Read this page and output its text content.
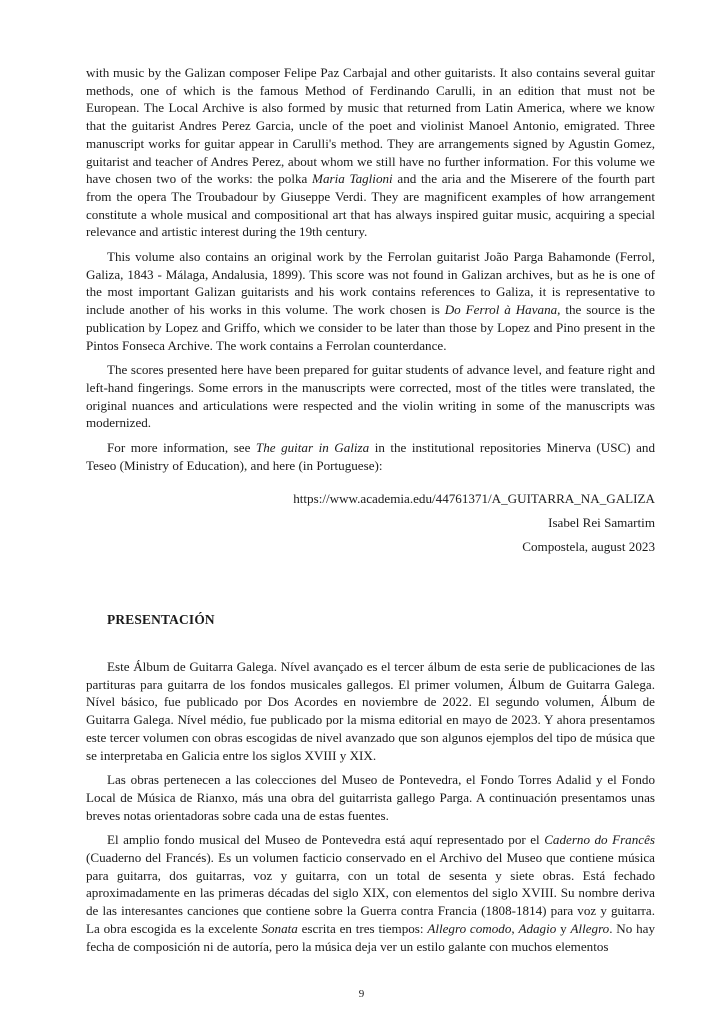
with music by the Galizan composer Felipe Paz Carbajal and other guitarists. It also contains several guitar methods, one of which is the famous Method of Ferdinando Carulli, in an edition that must not be European. The Local Archive is also formed by music that returned from Latin America, where we know that the guitarist Andres Perez Garcia, uncle of the poet and violinist Manoel Antonio, emigrated. Three manuscript works for guitar appear in Carulli's method. They are arrangements signed by Agustin Gomez, guitarist and teacher of Andres Perez, about whom we still have no further information. For this volume we have chosen two of the works: the polka Maria Taglioni and the aria and the Miserere of the fourth part from the opera The Troubadour by Giuseppe Verdi. They are magnificent examples of how arrangement constitute a whole musical and compositional art that has always inspired guitar music, acquiring a special relevance and artistic interest during the 19th century.

This volume also contains an original work by the Ferrolan guitarist João Parga Bahamonde (Ferrol, Galiza, 1843 - Málaga, Andalusia, 1899). This score was not found in Galizan archives, but as he is one of the most important Galizan guitarists and his work contains references to Galiza, it is representative to include another of his works in this volume. The work chosen is Do Ferrol à Havana, the source is the publication by Lopez and Griffo, which we consider to be later than those by Lopez and Pino present in the Pintos Fonseca Archive. The work contains a Ferrolan counterdance.

The scores presented here have been prepared for guitar students of advance level, and feature right and left-hand fingerings. Some errors in the manuscripts were corrected, most of the titles were translated, the original nuances and articulations were respected and the violin writing in some of the manuscripts was modernized.

For more information, see The guitar in Galiza in the institutional repositories Minerva (USC) and Teseo (Ministry of Education), and here (in Portuguese):

https://www.academia.edu/44761371/A_GUITARRA_NA_GALIZA
Isabel Rei Samartim
Compostela, august 2023
PRESENTACIÓN

Este Álbum de Guitarra Galega. Nível avançado es el tercer álbum de esta serie de publicaciones de las partituras para guitarra de los fondos musicales gallegos. El primer volumen, Álbum de Guitarra Galega. Nível básico, fue publicado por Dos Acordes en noviembre de 2022. El segundo volumen, Álbum de Guitarra Galega. Nível médio, fue publicado por la misma editorial en mayo de 2023. Y ahora presentamos este tercer volumen con obras escogidas de nivel avanzado que son algunos ejemplos del tipo de música que se interpretaba en Galicia entre los siglos XVIII y XIX.

Las obras pertenecen a las colecciones del Museo de Pontevedra, el Fondo Torres Adalid y el Fondo Local de Música de Rianxo, más una obra del guitarrista gallego Parga. A continuación presentamos unas breves notas orientadoras sobre cada una de estas fuentes.

El amplio fondo musical del Museo de Pontevedra está aquí representado por el Caderno do Francês (Cuaderno del Francés). Es un volumen facticio conservado en el Archivo del Museo que contiene música para guitarra, dos guitarras, voz y guitarra, con un total de sesenta y siete obras. Está fechado aproximadamente en las primeras décadas del siglo XIX, con elementos del siglo XVIII. Su nombre deriva de las interesantes canciones que contiene sobre la Guerra contra Francia (1808-1814) para voz y guitarra. La obra escogida es la excelente Sonata escrita en tres tiempos: Allegro comodo, Adagio y Allegro. No hay fecha de composición ni de autoría, pero la música deja ver un estilo galante con muchos elementos

9
